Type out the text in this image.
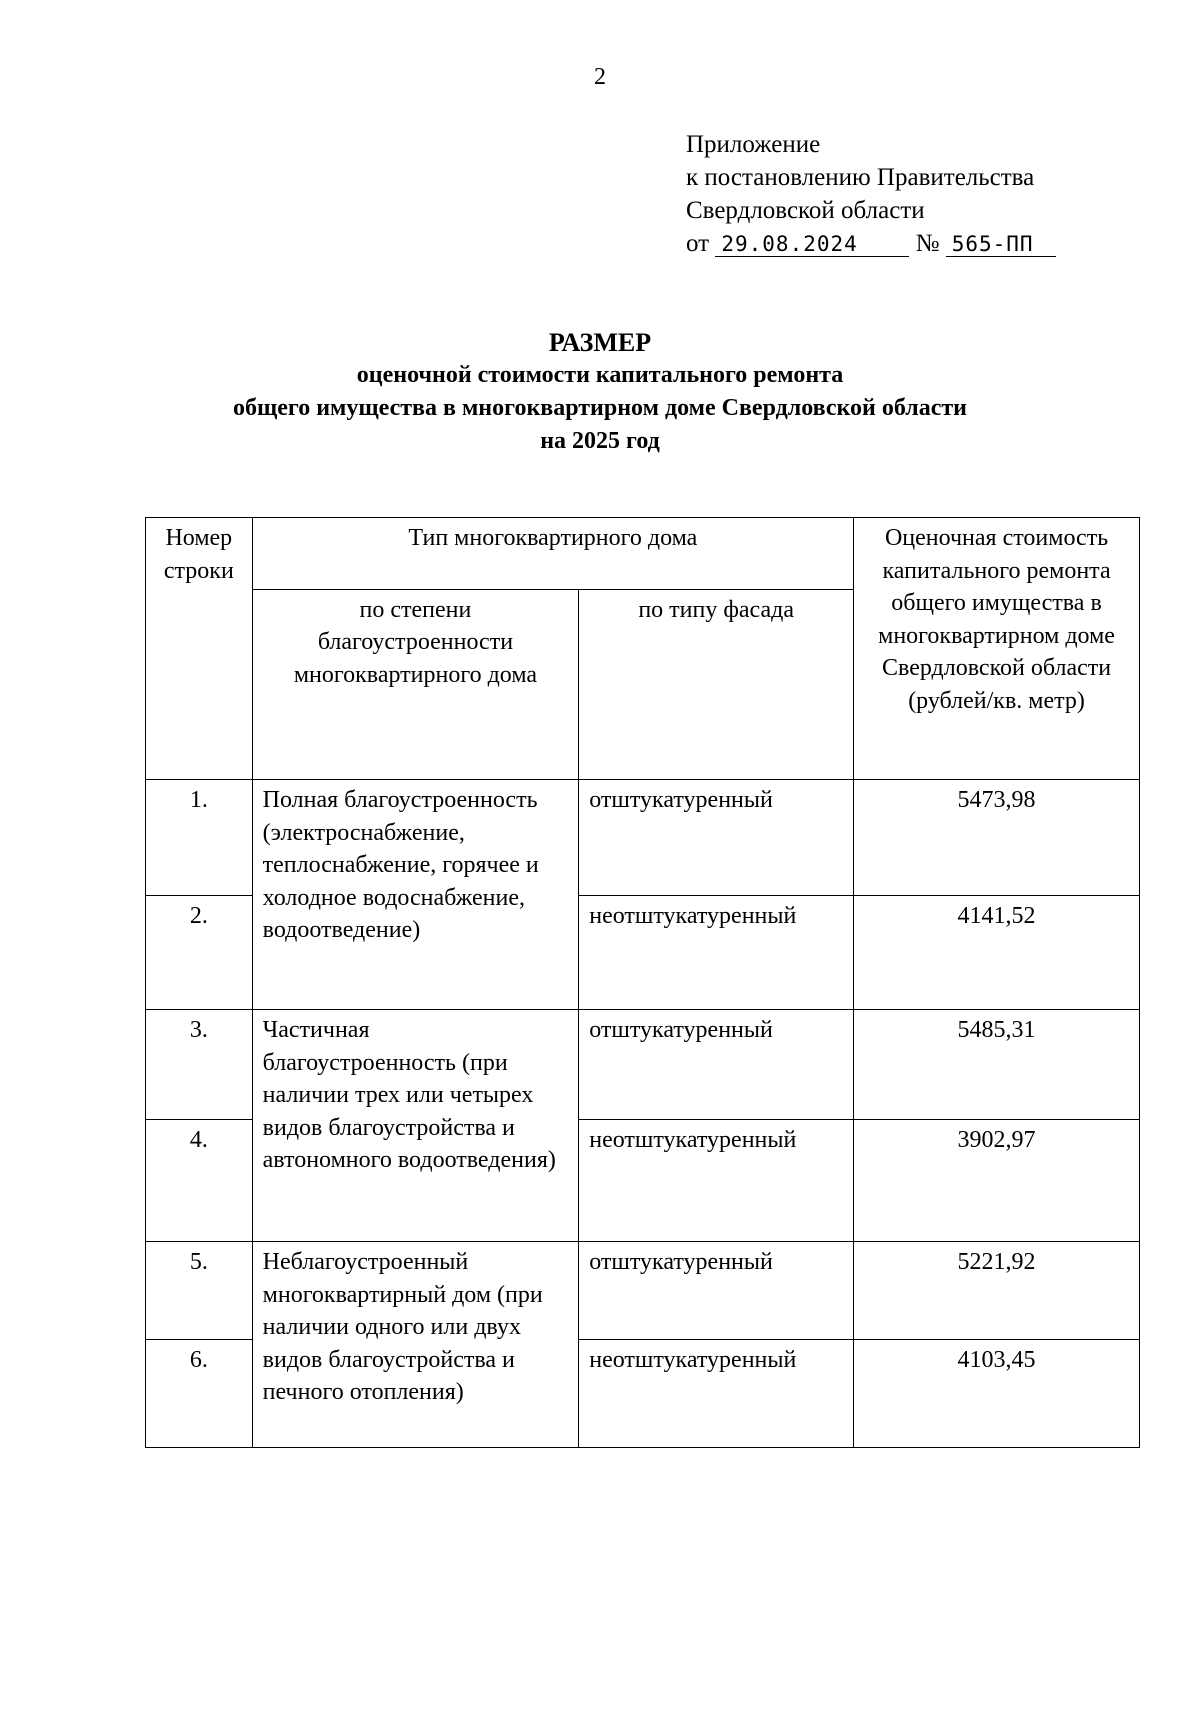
2
Приложение
к постановлению Правительства
Свердловской области
от 29.08.2024 № 565-ПП
РАЗМЕР
оценочной стоимости капитального ремонта
общего имущества в многоквартирном доме Свердловской области
на 2025 год
Номер строки	Тип многоквартирного дома		Оценочная стоимость капитального ремонта общего имущества в многоквартирном доме Свердловской области (рублей/кв. метр)
	по степени благоустроенности многоквартирного дома	по типу фасада	
1.	Полная благоустроенность (электроснабжение, теплоснабжение, горячее и холодное водоснабжение, водоотведение)	отштукатуренный	5473,98
2.		неотштукатуренный	4141,52
3.	Частичная благоустроенность (при наличии трех или четырех видов благоустройства и автономного водоотведения)	отштукатуренный	5485,31
4.		неотштукатуренный	3902,97
5.	Неблагоустроенный многоквартирный дом (при наличии одного или двух видов благоустройства и печного отопления)	отштукатуренный	5221,92
6.		неотштукатуренный	4103,45
